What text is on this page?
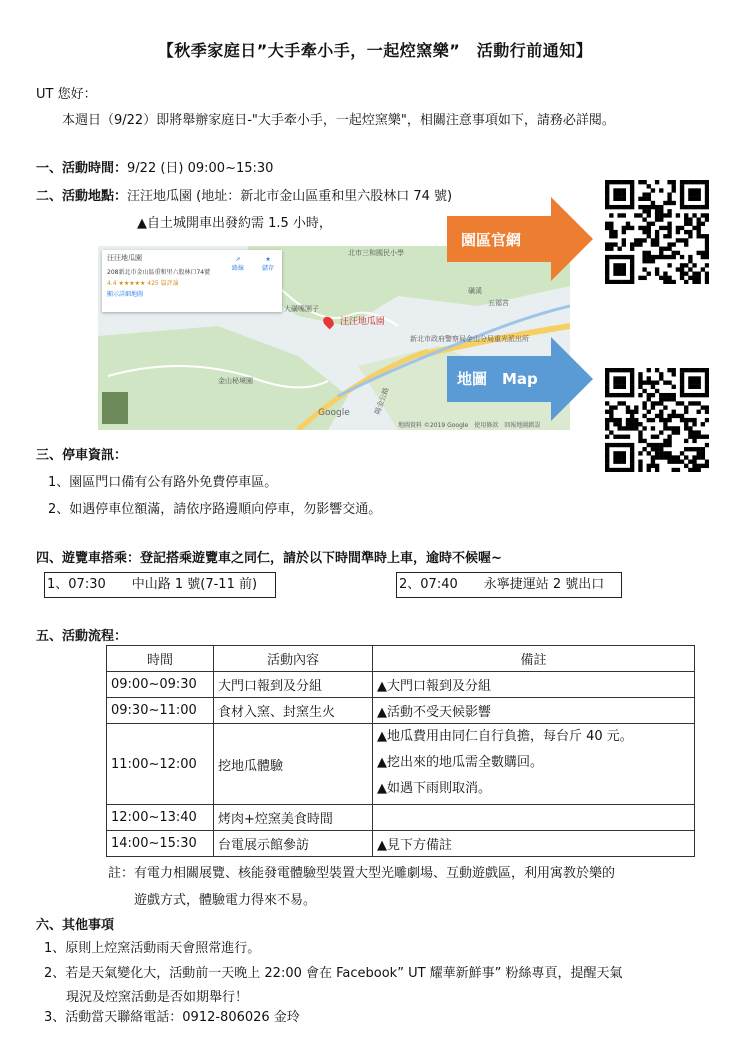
【秋季家庭日”大手牽小手，一起焢窯樂”　活動行前通知】
UT 您好：
本週日（9/22）即將舉辦家庭日-"大手牽小手，一起焢窯樂"，相關注意事項如下，請務必詳閱。
一、活動時間：9/22 (日) 09:00~15:30
二、活動地點：汪汪地瓜園 (地址：新北市金山區重和里六股林口 74 號)
▲自土城開車出發約需 1.5 小時，
汪汪地瓜園
208新北市金山區重和里六股林口74號
4.4 ★★★★★ 425 篇評論
顯示詳細地圖
➚
路線
★
儲存
汪汪地瓜園
北市三和國民小學
大磺嘴園子
新北市政府警察局金山分局重光派出所
五福宮
金山秘境園
磺溪
陽金公路
Google
地圖資料 ©2019 Google　使用條款　回報地圖錯誤
園區官網
地圖　Map
三、停車資訊：
1、園區門口備有公有路外免費停車區。
2、如遇停車位額滿，請依序路邊順向停車，勿影響交通。
四、遊覽車搭乘：登記搭乘遊覽車之同仁，請於以下時間準時上車，逾時不候喔~
1、07:30　　中山路 1 號(7-11 前)	2、07:40　　永寧捷運站 2 號出口
五、活動流程：
時間	活動內容	備註
09:00~09:30	大門口報到及分組	▲大門口報到及分組
09:30~11:00	食材入窯、封窯生火	▲活動不受天候影響
11:00~12:00	挖地瓜體驗	▲地瓜費用由同仁自行負擔，每台斤 40 元。
▲挖出來的地瓜需全數購回。
▲如遇下雨則取消。

12:00~13:40	烤肉+焢窯美食時間	
14:00~15:30	台電展示館參訪	▲見下方備註
註：有電力相關展覽、核能發電體驗型裝置大型光雕劇場、互動遊戲區，利用寓教於樂的
遊戲方式，體驗電力得來不易。
六、其他事項
1、原則上焢窯活動雨天會照常進行。
2、若是天氣變化大，活動前一天晚上 22:00 會在 Facebook” UT 耀華新鮮事” 粉絲專頁，提醒天氣
現況及焢窯活動是否如期舉行！
3、活動當天聯絡電話：0912-806026 金玲
